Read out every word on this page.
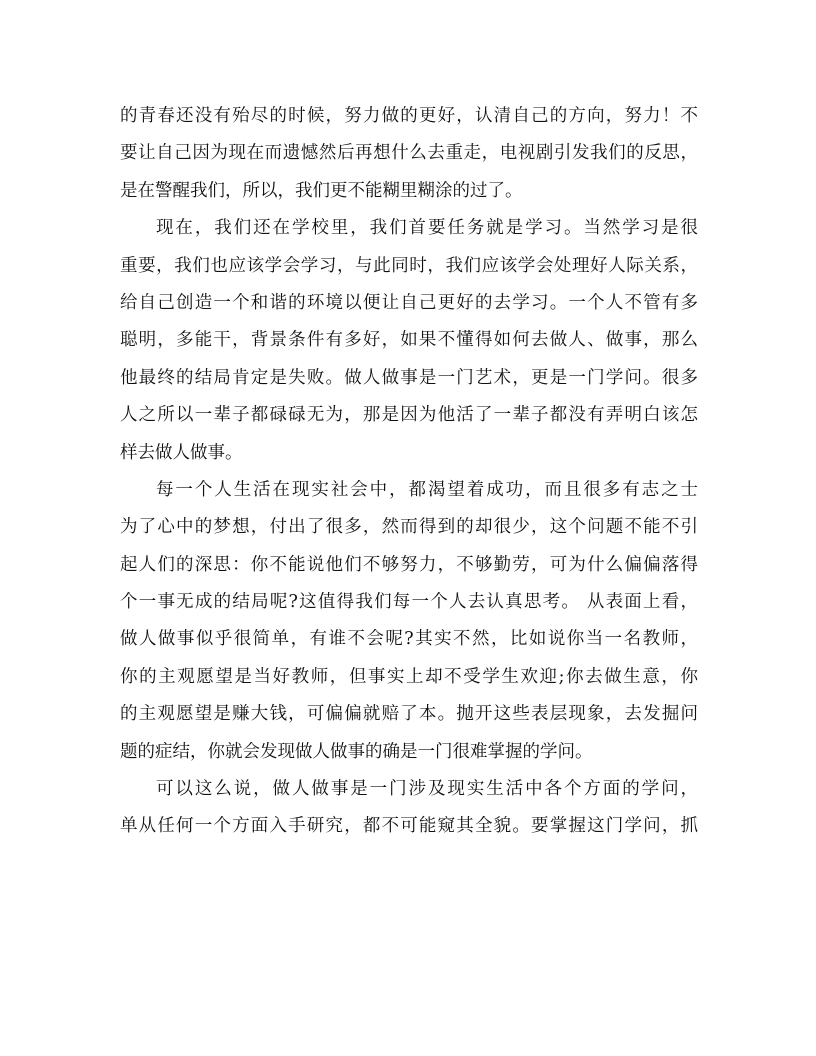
的青春还没有殆尽的时候，努力做的更好，认清自己的方向，努力！不
要让自己因为现在而遗憾然后再想什么去重走，电视剧引发我们的反思，
是在警醒我们，所以，我们更不能糊里糊涂的过了。
现在，我们还在学校里，我们首要任务就是学习。当然学习是很
重要，我们也应该学会学习，与此同时，我们应该学会处理好人际关系，
给自己创造一个和谐的环境以便让自己更好的去学习。一个人不管有多
聪明，多能干，背景条件有多好，如果不懂得如何去做人、做事，那么
他最终的结局肯定是失败。做人做事是一门艺术，更是一门学问。很多
人之所以一辈子都碌碌无为，那是因为他活了一辈子都没有弄明白该怎
样去做人做事。
每一个人生活在现实社会中，都渴望着成功，而且很多有志之士
为了心中的梦想，付出了很多，然而得到的却很少，这个问题不能不引
起人们的深思：你不能说他们不够努力，不够勤劳，可为什么偏偏落得
个一事无成的结局呢?这值得我们每一个人去认真思考。 从表面上看，
做人做事似乎很简单，有谁不会呢?其实不然，比如说你当一名教师，
你的主观愿望是当好教师，但事实上却不受学生欢迎;你去做生意，你
的主观愿望是赚大钱，可偏偏就赔了本。抛开这些表层现象，去发掘问
题的症结，你就会发现做人做事的确是一门很难掌握的学问。
可以这么说，做人做事是一门涉及现实生活中各个方面的学问，
单从任何一个方面入手研究，都不可能窥其全貌。要掌握这门学问，抓
